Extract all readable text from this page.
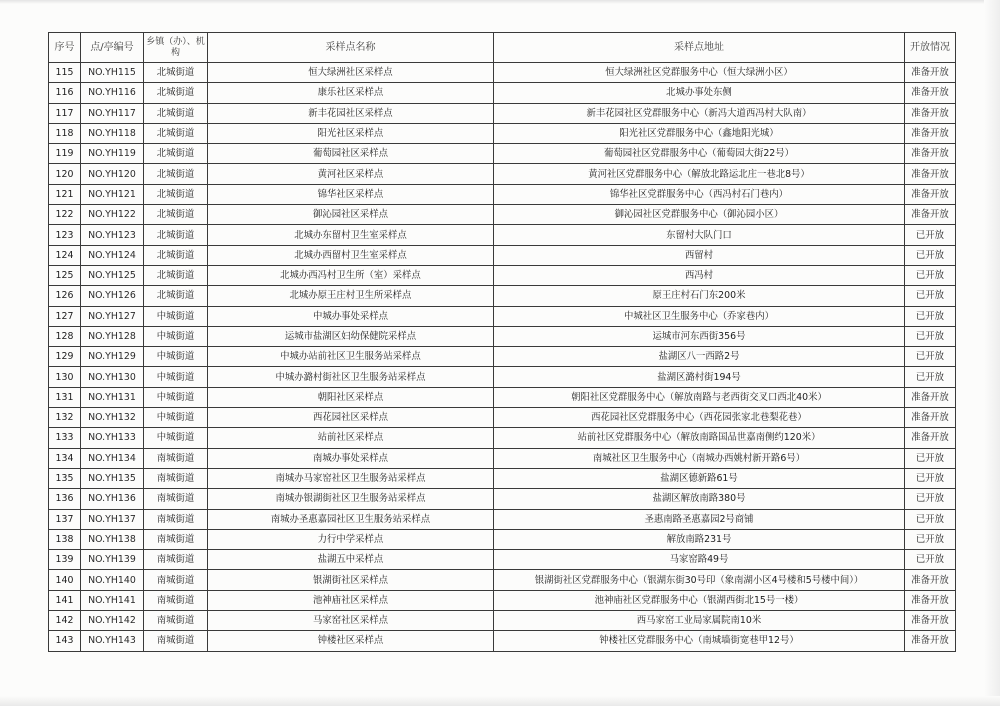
序号	点/亭编号	乡镇（办）、机构	采样点名称	采样点地址	开放情况
115	NO.YH115	北城街道	恒大绿洲社区采样点	恒大绿洲社区党群服务中心（恒大绿洲小区）	准备开放
116	NO.YH116	北城街道	康乐社区采样点	北城办事处东侧	准备开放
117	NO.YH117	北城街道	新丰花园社区采样点	新丰花园社区党群服务中心（新冯大道西冯村大队南）	准备开放
118	NO.YH118	北城街道	阳光社区采样点	阳光社区党群服务中心（鑫地阳光城）	准备开放
119	NO.YH119	北城街道	葡萄园社区采样点	葡萄园社区党群服务中心（葡萄园大街22号）	准备开放
120	NO.YH120	北城街道	黄河社区采样点	黄河社区党群服务中心（解放北路运北庄一巷北8号）	准备开放
121	NO.YH121	北城街道	锦华社区采样点	锦华社区党群服务中心（西冯村石门巷内）	准备开放
122	NO.YH122	北城街道	御沁园社区采样点	御沁园社区党群服务中心（御沁园小区）	准备开放
123	NO.YH123	北城街道	北城办东留村卫生室采样点	东留村大队门口	已开放
124	NO.YH124	北城街道	北城办西留村卫生室采样点	西留村	已开放
125	NO.YH125	北城街道	北城办西冯村卫生所（室）采样点	西冯村	已开放
126	NO.YH126	北城街道	北城办原王庄村卫生所采样点	原王庄村石门东200米	已开放
127	NO.YH127	中城街道	中城办事处采样点	中城社区卫生服务中心（乔家巷内）	已开放
128	NO.YH128	中城街道	运城市盐湖区妇幼保健院采样点	运城市河东西街356号	已开放
129	NO.YH129	中城街道	中城办站前社区卫生服务站采样点	盐湖区八一西路2号	已开放
130	NO.YH130	中城街道	中城办潞村街社区卫生服务站采样点	盐湖区潞村街194号	已开放
131	NO.YH131	中城街道	朝阳社区采样点	朝阳社区党群服务中心（解放南路与老西街交叉口西北40米）	准备开放
132	NO.YH132	中城街道	西花园社区采样点	西花园社区党群服务中心（西花园张家北巷梨花巷）	准备开放
133	NO.YH133	中城街道	站前社区采样点	站前社区党群服务中心（解放南路国品世嘉南侧约120米）	准备开放
134	NO.YH134	南城街道	南城办事处采样点	南城社区卫生服务中心（南城办西姚村新开路6号）	已开放
135	NO.YH135	南城街道	南城办马家窑社区卫生服务站采样点	盐湖区德新路61号	已开放
136	NO.YH136	南城街道	南城办银湖街社区卫生服务站采样点	盐湖区解放南路380号	已开放
137	NO.YH137	南城街道	南城办圣惠嘉园社区卫生服务站采样点	圣惠南路圣惠嘉园2号商铺	已开放
138	NO.YH138	南城街道	力行中学采样点	解放南路231号	已开放
139	NO.YH139	南城街道	盐湖五中采样点	马家窑路49号	已开放
140	NO.YH140	南城街道	银湖街社区采样点	银湖街社区党群服务中心（银湖东街30号印（象南湖小区4号楼和5号楼中间））	准备开放
141	NO.YH141	南城街道	池神庙社区采样点	池神庙社区党群服务中心（银湖西街北15号一楼）	准备开放
142	NO.YH142	南城街道	马家窑社区采样点	西马家窑工业局家属院南10米	准备开放
143	NO.YH143	南城街道	钟楼社区采样点	钟楼社区党群服务中心（南城墙街宽巷甲12号）	准备开放
